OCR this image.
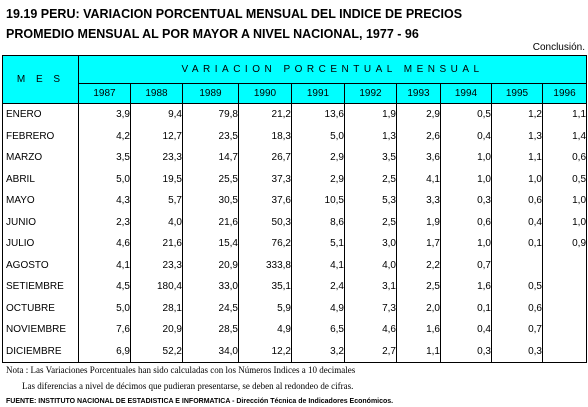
19.19 PERU: VARIACION PORCENTUAL MENSUAL DEL INDICE DE PRECIOS
PROMEDIO MENSUAL AL POR MAYOR A NIVEL NACIONAL, 1977 - 96
Conclusión.
M E S	VARIACION PORCENTUAL MENSUAL									
	1987	1988	1989	1990	1991	1992	1993	1994	1995	1996
ENERO	3,9	9,4	79,8	21,2	13,6	1,9	2,9	0,5	1,2	1,1
FEBRERO	4,2	12,7	23,5	18,3	5,0	1,3	2,6	0,4	1,3	1,4
MARZO	3,5	23,3	14,7	26,7	2,9	3,5	3,6	1,0	1,1	0,6
ABRIL	5,0	19,5	25,5	37,3	2,9	2,5	4,1	1,0	1,0	0,5
MAYO	4,3	5,7	30,5	37,6	10,5	5,3	3,3	0,3	0,6	1,0
JUNIO	2,3	4,0	21,6	50,3	8,6	2,5	1,9	0,6	0,4	1,0
JULIO	4,6	21,6	15,4	76,2	5,1	3,0	1,7	1,0	0,1	0,9
AGOSTO	4,1	23,3	20,9	333,8	4,1	4,0	2,2	0,7		
SETIEMBRE	4,5	180,4	33,0	35,1	2,4	3,1	2,5	1,6	0,5	
OCTUBRE	5,0	28,1	24,5	5,9	4,9	7,3	2,0	0,1	0,6	
NOVIEMBRE	7,6	20,9	28,5	4,9	6,5	4,6	1,6	0,4	0,7	
DICIEMBRE	6,9	52,2	34,0	12,2	3,2	2,7	1,1	0,3	0,3	
Nota : Las Variaciones Porcentuales han sido calculadas con los Números Indices a 10 decimales
Las diferencias a nivel de décimos que pudieran presentarse, se deben al redondeo de cifras.
FUENTE: INSTITUTO NACIONAL DE ESTADISTICA E INFORMATICA - Dirección Técnica de Indicadores Económicos.
